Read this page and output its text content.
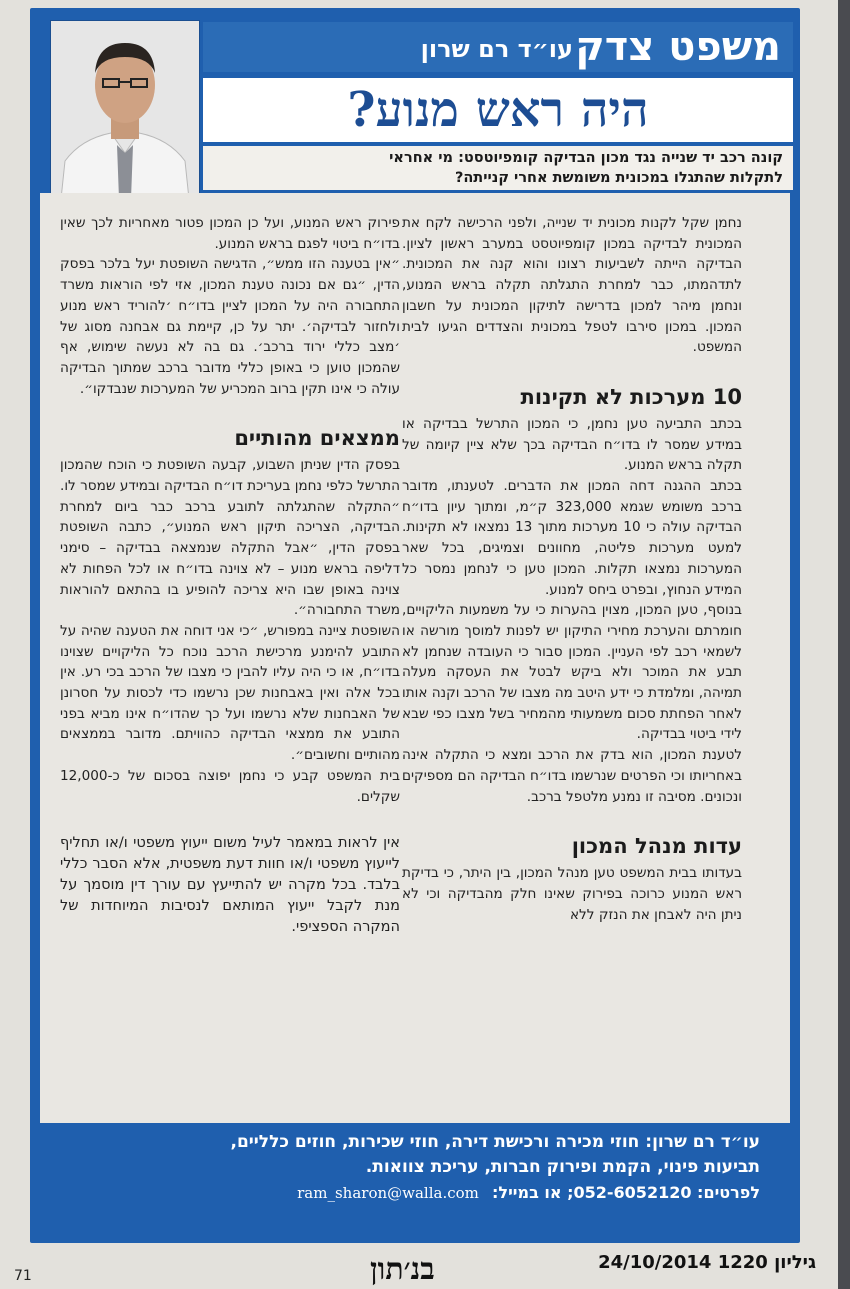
משפט צדק
עו״ד רם שרון
היה ראש מנוע?
קונה רכב יד שנייה נגד מכון הבדיקה קומפיוטסט: מי אחראי
לתקלות שהתגלו במכונית משומשת אחרי קנייתה?

נחמן שקל לקנות מכונית יד שנייה, ולפני הרכישה לקח את המכונית לבדיקה במכון קומפיוטסט במערב ראשון לציון. הבדיקה הייתה לשביעות רצונו והוא קנה את המכונית. לתדהמתו, כבר למחרת התגלתה תקלה בראש המנוע, ונחמן מיהר למכון בדרישה לתיקון המכונית על חשבון המכון. במכון סירבו לטפל במכונית והצדדים הגיעו לבית המשפט.

10 מערכות לא תקינות

בכתב התביעה טען נחמן, כי המכון התרשל בבדיקה או במידע שמסר לו בדו״ח הבדיקה בכך שלא ציין קיומה של תקלה בראש המנוע.

בכתב ההגנה דחה המכון את הדברים. לטענתו, מדובר ברכב משומש שגמא 323,000 ק״מ, ומתוך עיון בדו״ח הבדיקה עולה כי 10 מערכות מתוך 13 נמצאו לא תקינות. למעט מערכות פליטה, מחוונים וצמיגים, בכל שאר המערכות נמצאו תקלות. המכון טען כי לנחמן נמסר כל המידע הנחוץ, ובפרט ביחס למנוע.

בנוסף, טען המכון, מצוין בהערות כי על משמעות הליקויים, חומרתם והערכת מחירי התיקון יש לפנות למוסך מורשה או לשמאי רכב לפי העניין. המכון סבור כי העובדה שנחמן לא תבע את המוכר ולא ביקש לבטל את העסקה מעלה תמיהה, ומלמדת כי ידע היטב מה מצבו של הרכב וקנה אותו לאחר הפחתת סכום משמעותי מהמחיר בשל מצבו כפי שבא לידי ביטוי בבדיקה.

לטענת המכון, הוא בדק את הרכב ומצא כי התקלה אינה באחריותו וכי הפרטים שנרשמו בדו״ח הבדיקה הם מספיקים ונכונים. מסיבה זו נמנע מלטפל ברכב.

עדות מנהל המכון

בעדותו בבית המשפט טען מנהל המכון, בין היתר, כי בדיקת ראש המנוע כרוכה בפירוק שאינו חלק מהבדיקה וכי לא ניתן היה לאבחן את הנזק ללא

פירוק ראש המנוע, ועל כן המכון פטור מאחריות לכך שאין בדו״ח ביטוי לפגם בראש המנוע.

״אין בטענה הזו ממש״, הדגישה השופטת יעל בלכר בפסק הדין, ״גם אם נכונה טענת המכון, אזי לפי הוראות משרד התחבורה היה על המכון לציין בדו״ח ׳להוריד ראש מנוע ולחזור לבדיקה׳. יתר על כן, קיימת גם אבחנה מסוג של ׳מצב כללי ירוד ברכב׳. גם בה לא נעשה שימוש, אף שהמכון טוען כי באופן כללי מדובר ברכב שמתוך הבדיקה עולה כי אינו תקין ברוב המכריע של המערכות שנבדקו״.

ממצאים מהותיים

בפסק הדין שניתן השבוע, קבעה השופטת כי הוכח שהמכון התרשל כלפי נחמן בעריכת דו״ח הבדיקה ובמידע שמסר לו. ״התקלה שהתגלתה לתובע ברכב כבר ביום למחרת הבדיקה, הצריכה תיקון ראש המנוע״, כתבה השופטת בפסק הדין, ״אבל התקלה שנמצאה בבדיקה – סימני דליפה בראש מנוע – לא צוינה בדו״ח או לכל הפחות לא צוינה באופן שבו היא צריכה להופיע בו בהתאם להוראות משרד התחבורה״.

השופטת ציינה במפורש, ״כי אני דוחה את הטענה שהיה על התובע להימנע מרכישת הרכב נוכח כל הליקויים שצוינו בדו״ח, או כי היה עליו להבין כי מצבו של הרכב בכי רע. אין בכל אלה ואין באבחנות שכן נרשמו כדי לכסות על חסרונן של האבחנות שלא נרשמו ועל כך שהדו״ח אינו מביא בפני התובע את ממצאי הבדיקה כהוויתם. מדובר בממצאים מהותיים וחשובים״.

בית המשפט קבע כי נחמן יפוצה בסכום של כ-12,000 שקלים.

אין לראות במאמר לעיל משום ייעוץ משפטי ו/או תחליף לייעוץ משפטי ו/או חוות דעת משפטית, אלא הסבר כללי בלבד. בכל מקרה יש להתייעץ עם עורך דין מוסמך על מנת לקבל ייעוץ המותאם לנסיבות המיוחדות של המקרה הספציפי.

עו״ד רם שרון: חוזי מכירה ורכישת דירה, חוזי שכירות, חוזים כלליים,
תביעות פינוי, הקמת ופירוק חברות, עריכת צוואות.
לפרטים: 052-6052120; או במייל: ram_sharon@walla.com
71	בנ׳תון	גיליון 1220 24/10/2014
